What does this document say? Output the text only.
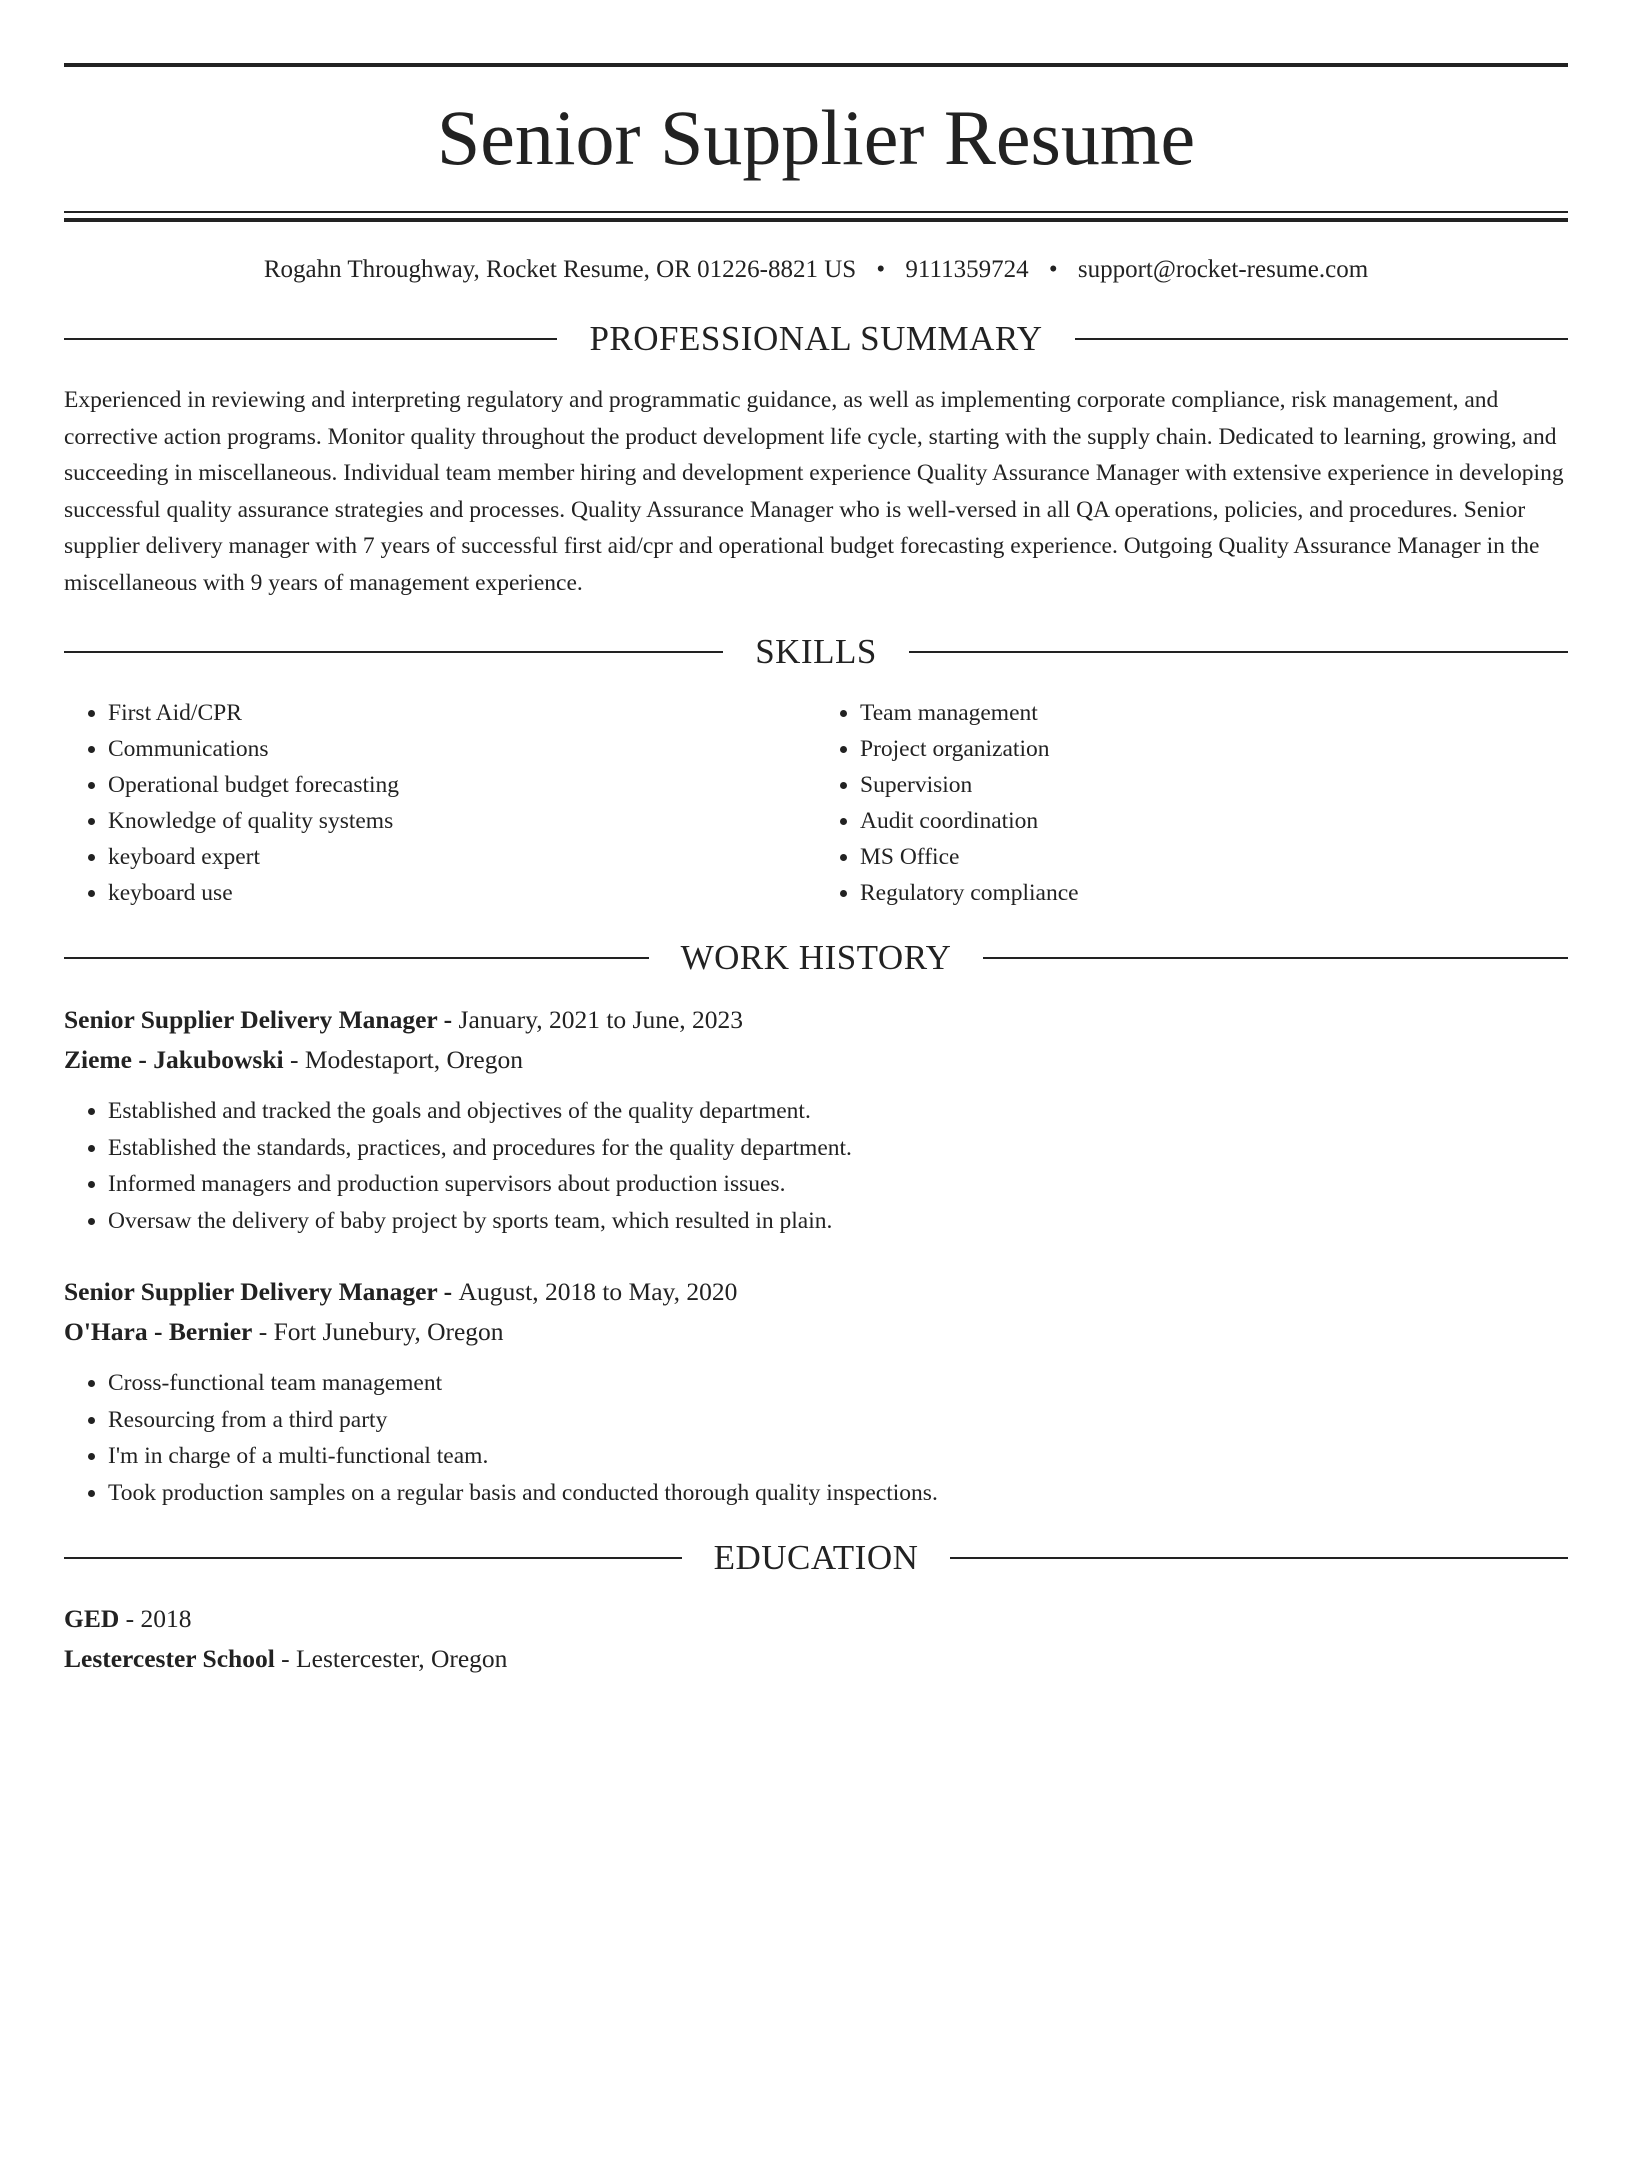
Senior Supplier Resume
Rogahn Throughway, Rocket Resume, OR 01226-8821 US • 9111359724 • support@rocket-resume.com
PROFESSIONAL SUMMARY
Experienced in reviewing and interpreting regulatory and programmatic guidance, as well as implementing corporate compliance, risk management, and corrective action programs. Monitor quality throughout the product development life cycle, starting with the supply chain. Dedicated to learning, growing, and succeeding in miscellaneous. Individual team member hiring and development experience Quality Assurance Manager with extensive experience in developing successful quality assurance strategies and processes. Quality Assurance Manager who is well-versed in all QA operations, policies, and procedures. Senior supplier delivery manager with 7 years of successful first aid/cpr and operational budget forecasting experience. Outgoing Quality Assurance Manager in the miscellaneous with 9 years of management experience.
SKILLS
• First Aid/CPR
• Communications
• Operational budget forecasting
• Knowledge of quality systems
• keyboard expert
• keyboard use
• Team management
• Project organization
• Supervision
• Audit coordination
• MS Office
• Regulatory compliance
WORK HISTORY
Senior Supplier Delivery Manager - January, 2021 to June, 2023
Zieme - Jakubowski - Modestaport, Oregon
• Established and tracked the goals and objectives of the quality department.
• Established the standards, practices, and procedures for the quality department.
• Informed managers and production supervisors about production issues.
• Oversaw the delivery of baby project by sports team, which resulted in plain.
Senior Supplier Delivery Manager - August, 2018 to May, 2020
O'Hara - Bernier - Fort Junebury, Oregon
• Cross-functional team management
• Resourcing from a third party
• I'm in charge of a multi-functional team.
• Took production samples on a regular basis and conducted thorough quality inspections.
EDUCATION
GED - 2018
Lestercester School - Lestercester, Oregon
